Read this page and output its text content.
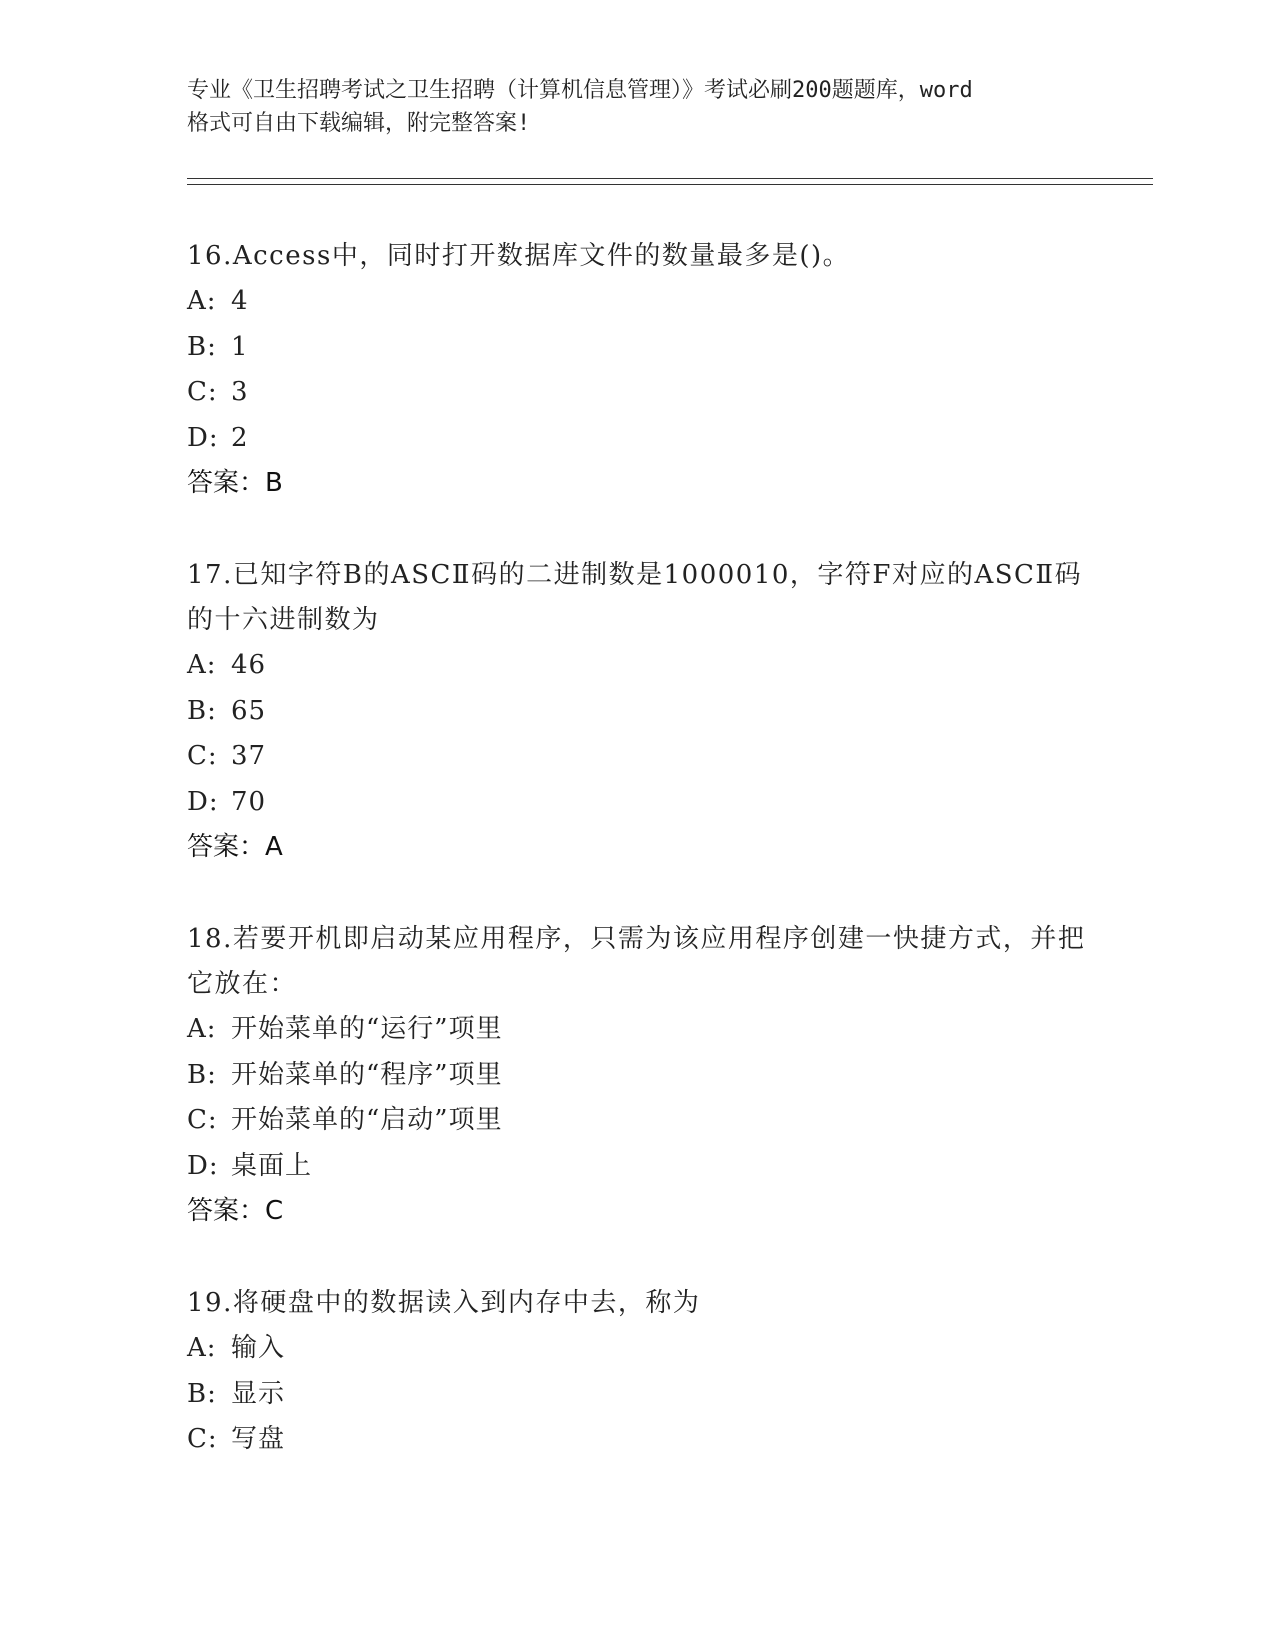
专业《卫生招聘考试之卫生招聘（计算机信息管理）》考试必刷200题题库，word
格式可自由下载编辑，附完整答案!

16.Access中，同时打开数据库文件的数量最多是()。

A: 4

B: 1

C: 3

D: 2

答案：B

17.已知字符B的ASCⅡ码的二进制数是1000010，字符F对应的ASCⅡ码的十六进制数为

A: 46

B: 65

C: 37

D: 70

答案：A

18.若要开机即启动某应用程序，只需为该应用程序创建一快捷方式，并把它放在：

A: 开始菜单的“运行”项里

B: 开始菜单的“程序”项里

C: 开始菜单的“启动”项里

D: 桌面上

答案：C

19.将硬盘中的数据读入到内存中去，称为

A: 输入

B: 显示

C: 写盘
